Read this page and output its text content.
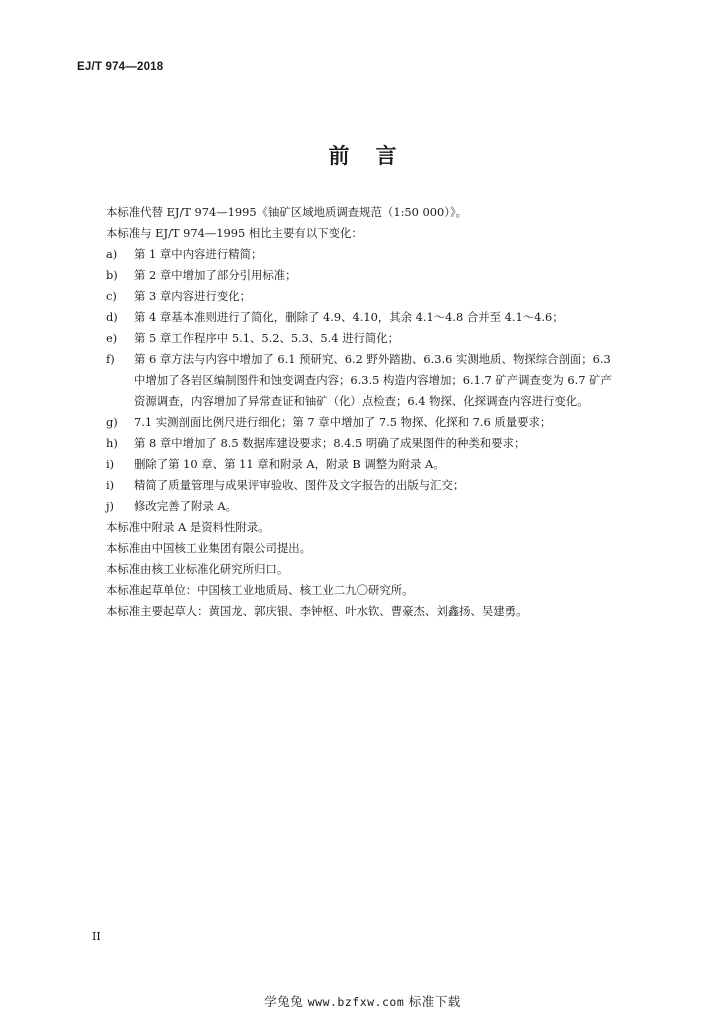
EJ/T 974—2018
前言
本标准代替 EJ/T 974—1995《铀矿区域地质调查规范（1:50 000）》。
本标准与 EJ/T 974—1995 相比主要有以下变化：
a) 第 1 章中内容进行精简；
b) 第 2 章中增加了部分引用标准；
c) 第 3 章内容进行变化；
d) 第 4 章基本准则进行了简化，删除了 4.9、4.10，其余 4.1～4.8 合并至 4.1～4.6；
e) 第 5 章工作程序中 5.1、5.2、5.3、5.4 进行简化；
f) 第 6 章方法与内容中增加了 6.1 预研究、6.2 野外踏勘、6.3.6 实测地质、物探综合剖面；6.3
中增加了各岩区编制图件和蚀变调查内容；6.3.5 构造内容增加；6.1.7 矿产调查变为 6.7 矿产
资源调查，内容增加了异常查证和铀矿（化）点检查；6.4 物探、化探调查内容进行变化。
g) 7.1 实测剖面比例尺进行细化；第 7 章中增加了 7.5 物探、化探和 7.6 质量要求；
h) 第 8 章中增加了 8.5 数据库建设要求；8.4.5 明确了成果图件的种类和要求；
i) 删除了第 10 章、第 11 章和附录 A，附录 B 调整为附录 A。
i) 精简了质量管理与成果评审验收、图件及文字报告的出版与汇交；
j) 修改完善了附录 A。
本标准中附录 A 是资料性附录。
本标准由中国核工业集团有限公司提出。
本标准由核工业标准化研究所归口。
本标准起草单位：中国核工业地质局、核工业二九〇研究所。
本标准主要起草人：黄国龙、郭庆银、李钟枢、叶水钦、曹豪杰、刘鑫扬、吴建勇。
II
学兔兔 www.bzfxw.com 标准下载
